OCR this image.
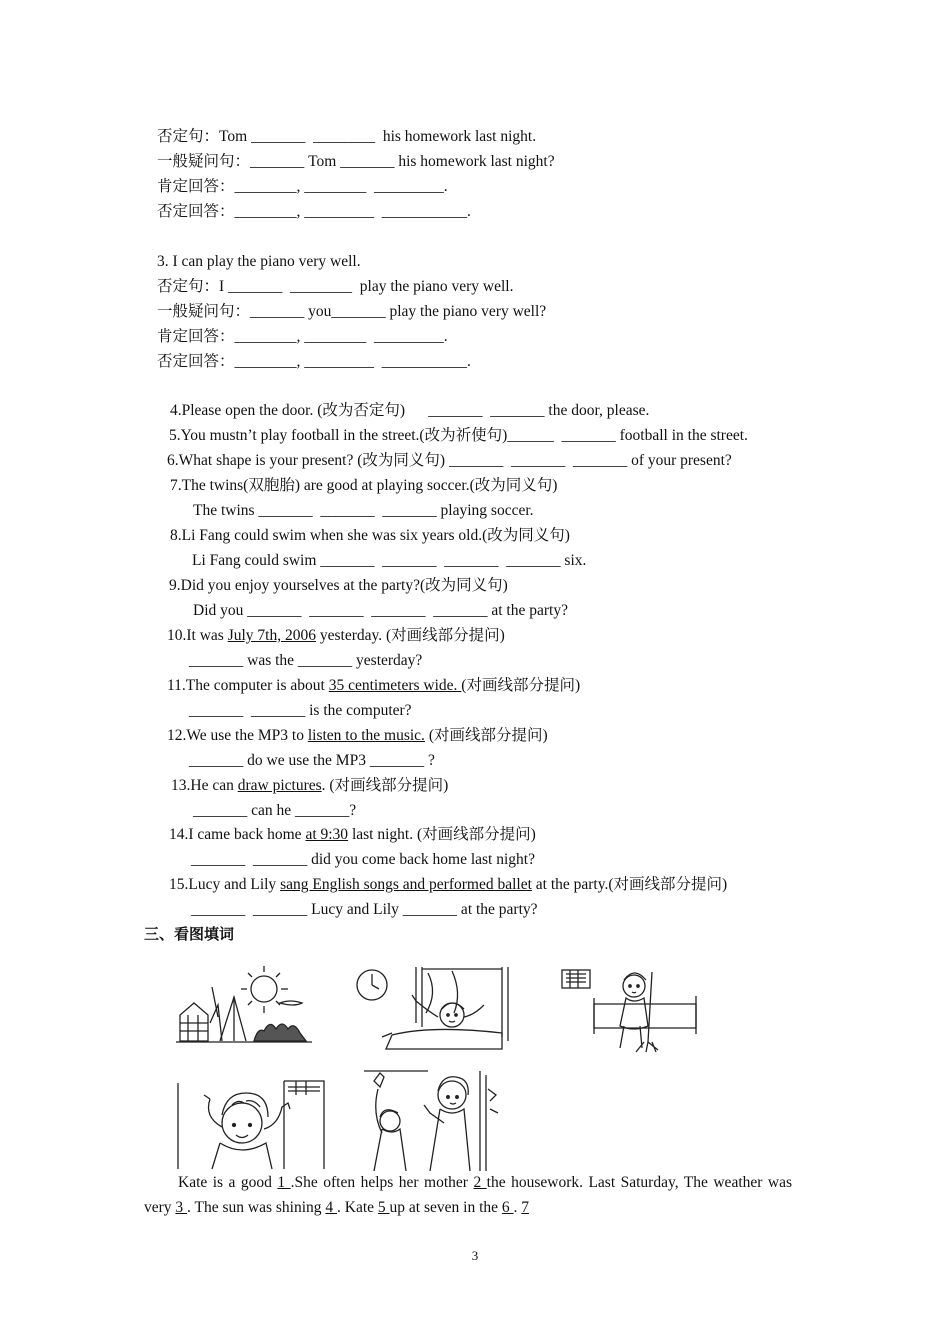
否定句：Tom _______  ________  his homework last night.
一般疑问句：_______ Tom _______ his homework last night?
肯定回答：________, ________  _________.
否定回答：________, _________  ___________.
3. I can play the piano very well.
否定句：I _______  ________  play the piano very well.
一般疑问句：_______ you_______ play the piano very well?
肯定回答：________, ________  _________.
否定回答：________, _________  ___________.
4.Please open the door. (改为否定句)      _______  _______ the door, please.
5.You mustn’t play football in the street.(改为祈使句)______  _______ football in the street.
6.What shape is your present? (改为同义句) _______  _______  _______ of your present?
7.The twins(双胞胎) are good at playing soccer.(改为同义句)
The twins _______  _______  _______ playing soccer.
8.Li Fang could swim when she was six years old.(改为同义句)
Li Fang could swim _______  _______  _______  _______ six.
9.Did you enjoy yourselves at the party?(改为同义句)
Did you _______  _______  _______  _______ at the party?
10.It was July 7th, 2006 yesterday. (对画线部分提问)
_______ was the _______ yesterday?
11.The computer is about 35 centimeters wide. (对画线部分提问)
_______  _______ is the computer?
12.We use the MP3 to listen to the music. (对画线部分提问)
_______ do we use the MP3 _______ ?
13.He can draw pictures. (对画线部分提问)
_______ can he _______?
14.I came back home at 9:30 last night. (对画线部分提问)
_______  _______ did you come back home last night?
15.Lucy and Lily sang English songs and performed ballet at the party.(对画线部分提问)
_______  _______ Lucy and Lily _______ at the party?
三、看图填词
Kate is a good 1 .She often helps her mother 2 the housework. Last Saturday, The weather was very 3 . The sun was shining 4 . Kate 5 up at seven in the 6 . 7
3
